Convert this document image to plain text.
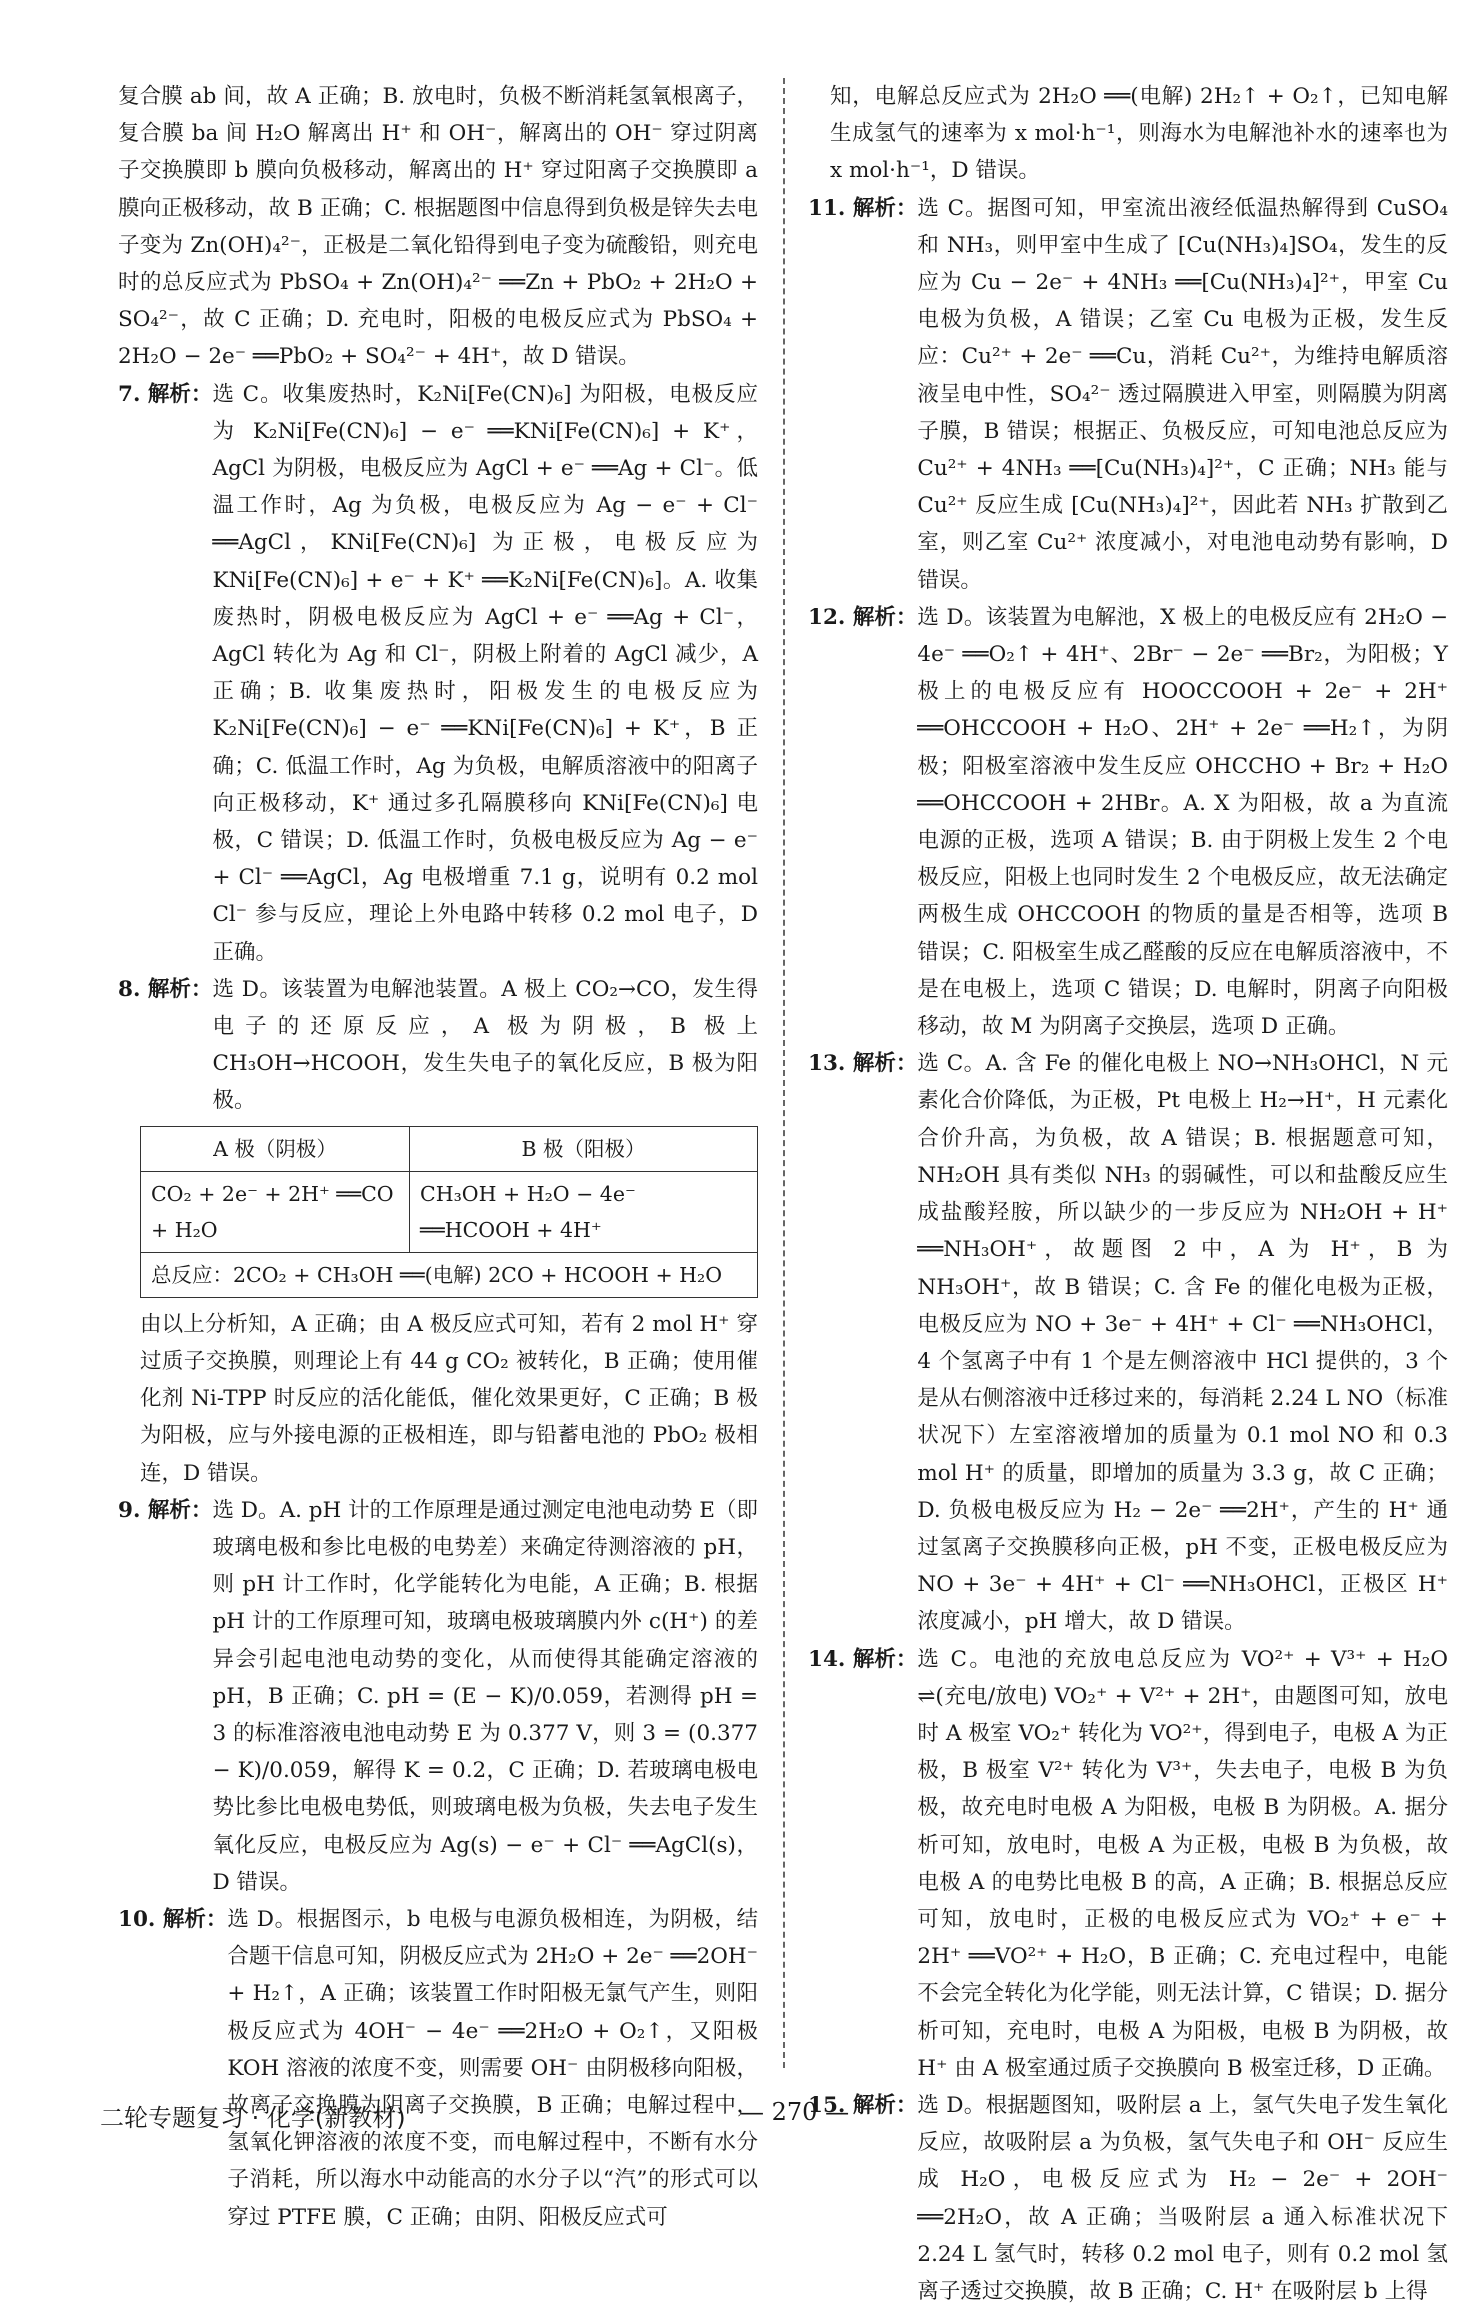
复合膜 ab 间，故 A 正确；B. 放电时，负极不断消耗氢氧根离子，复合膜 ba 间 H₂O 解离出 H⁺ 和 OH⁻，解离出的 OH⁻ 穿过阴离子交换膜即 b 膜向负极移动，解离出的 H⁺ 穿过阳离子交换膜即 a 膜向正极移动，故 B 正确；C. 根据题图中信息得到负极是锌失去电子变为 Zn(OH)₄²⁻，正极是二氧化铅得到电子变为硫酸铅，则充电时的总反应式为 PbSO₄ + Zn(OH)₄²⁻ ══Zn + PbO₂ + 2H₂O + SO₄²⁻，故 C 正确；D. 充电时，阳极的电极反应式为 PbSO₄ + 2H₂O − 2e⁻ ══PbO₂ + SO₄²⁻ + 4H⁺，故 D 错误。

7. 解析： 选 C。收集废热时，K₂Ni[Fe(CN)₆] 为阳极，电极反应为 K₂Ni[Fe(CN)₆] − e⁻ ══KNi[Fe(CN)₆] + K⁺，AgCl 为阴极，电极反应为 AgCl + e⁻ ══Ag + Cl⁻。低温工作时，Ag 为负极，电极反应为 Ag − e⁻ + Cl⁻ ══AgCl，KNi[Fe(CN)₆] 为正极，电极反应为 KNi[Fe(CN)₆] + e⁻ + K⁺ ══K₂Ni[Fe(CN)₆]。A. 收集废热时，阴极电极反应为 AgCl + e⁻ ══Ag + Cl⁻，AgCl 转化为 Ag 和 Cl⁻，阴极上附着的 AgCl 减少，A 正确；B. 收集废热时，阳极发生的电极反应为 K₂Ni[Fe(CN)₆] − e⁻ ══KNi[Fe(CN)₆] + K⁺，B 正确；C. 低温工作时，Ag 为负极，电解质溶液中的阳离子向正极移动，K⁺ 通过多孔隔膜移向 KNi[Fe(CN)₆] 电极，C 错误；D. 低温工作时，负极电极反应为 Ag − e⁻ + Cl⁻ ══AgCl，Ag 电极增重 7.1 g，说明有 0.2 mol Cl⁻ 参与反应，理论上外电路中转移 0.2 mol 电子，D 正确。
8. 解析： 选 D。该装置为电解池装置。A 极上 CO₂→CO，发生得电子的还原反应，A 极为阴极，B 极上 CH₃OH→HCOOH，发生失电子的氧化反应，B 极为阳极。
A 极（阴极）	B 极（阳极）
CO₂ + 2e⁻ + 2H⁺ ══CO + H₂O	CH₃OH + H₂O − 4e⁻ ══HCOOH + 4H⁺
总反应：2CO₂ + CH₃OH ══(电解) 2CO + HCOOH + H₂O	

由以上分析知，A 正确；由 A 极反应式可知，若有 2 mol H⁺ 穿过质子交换膜，则理论上有 44 g CO₂ 被转化，B 正确；使用催化剂 Ni-TPP 时反应的活化能低，催化效果更好，C 正确；B 极为阳极，应与外接电源的正极相连，即与铅蓄电池的 PbO₂ 极相连，D 错误。

9. 解析： 选 D。A. pH 计的工作原理是通过测定电池电动势 E（即玻璃电极和参比电极的电势差）来确定待测溶液的 pH，则 pH 计工作时，化学能转化为电能，A 正确；B. 根据 pH 计的工作原理可知，玻璃电极玻璃膜内外 c(H⁺) 的差异会引起电池电动势的变化，从而使得其能确定溶液的 pH，B 正确；C. pH = (E − K)/0.059，若测得 pH = 3 的标准溶液电池电动势 E 为 0.377 V，则 3 = (0.377 − K)/0.059，解得 K = 0.2，C 正确；D. 若玻璃电极电势比参比电极电势低，则玻璃电极为负极，失去电子发生氧化反应，电极反应为 Ag(s) − e⁻ + Cl⁻ ══AgCl(s)，D 错误。
10. 解析： 选 D。根据图示，b 电极与电源负极相连，为阴极，结合题干信息可知，阴极反应式为 2H₂O + 2e⁻ ══2OH⁻ + H₂↑，A 正确；该装置工作时阳极无氯气产生，则阳极反应式为 4OH⁻ − 4e⁻ ══2H₂O + O₂↑，又阳极 KOH 溶液的浓度不变，则需要 OH⁻ 由阴极移向阳极，故离子交换膜为阴离子交换膜，B 正确；电解过程中，氢氧化钾溶液的浓度不变，而电解过程中，不断有水分子消耗，所以海水中动能高的水分子以“汽”的形式可以穿过 PTFE 膜，C 正确；由阴、阳极反应式可

知，电解总反应式为 2H₂O ══(电解) 2H₂↑ + O₂↑，已知电解生成氢气的速率为 x mol·h⁻¹，则海水为电解池补水的速率也为 x mol·h⁻¹，D 错误。

11. 解析： 选 C。据图可知，甲室流出液经低温热解得到 CuSO₄ 和 NH₃，则甲室中生成了 [Cu(NH₃)₄]SO₄，发生的反应为 Cu − 2e⁻ + 4NH₃ ══[Cu(NH₃)₄]²⁺，甲室 Cu 电极为负极，A 错误；乙室 Cu 电极为正极，发生反应：Cu²⁺ + 2e⁻ ══Cu，消耗 Cu²⁺，为维持电解质溶液呈电中性，SO₄²⁻ 透过隔膜进入甲室，则隔膜为阴离子膜，B 错误；根据正、负极反应，可知电池总反应为 Cu²⁺ + 4NH₃ ══[Cu(NH₃)₄]²⁺，C 正确；NH₃ 能与 Cu²⁺ 反应生成 [Cu(NH₃)₄]²⁺，因此若 NH₃ 扩散到乙室，则乙室 Cu²⁺ 浓度减小，对电池电动势有影响，D 错误。
12. 解析： 选 D。该装置为电解池，X 极上的电极反应有 2H₂O − 4e⁻ ══O₂↑ + 4H⁺、2Br⁻ − 2e⁻ ══Br₂，为阳极；Y 极上的电极反应有 HOOCCOOH + 2e⁻ + 2H⁺ ══OHCCOOH + H₂O、2H⁺ + 2e⁻ ══H₂↑，为阴极；阳极室溶液中发生反应 OHCCHO + Br₂ + H₂O ══OHCCOOH + 2HBr。A. X 为阳极，故 a 为直流电源的正极，选项 A 错误；B. 由于阴极上发生 2 个电极反应，阳极上也同时发生 2 个电极反应，故无法确定两极生成 OHCCOOH 的物质的量是否相等，选项 B 错误；C. 阳极室生成乙醛酸的反应在电解质溶液中，不是在电极上，选项 C 错误；D. 电解时，阴离子向阳极移动，故 M 为阴离子交换层，选项 D 正确。
13. 解析： 选 C。A. 含 Fe 的催化电极上 NO→NH₃OHCl，N 元素化合价降低，为正极，Pt 电极上 H₂→H⁺，H 元素化合价升高，为负极，故 A 错误；B. 根据题意可知，NH₂OH 具有类似 NH₃ 的弱碱性，可以和盐酸反应生成盐酸羟胺，所以缺少的一步反应为 NH₂OH + H⁺ ══NH₃OH⁺，故题图 2 中，A 为 H⁺，B 为 NH₃OH⁺，故 B 错误；C. 含 Fe 的催化电极为正极，电极反应为 NO + 3e⁻ + 4H⁺ + Cl⁻ ══NH₃OHCl，4 个氢离子中有 1 个是左侧溶液中 HCl 提供的，3 个是从右侧溶液中迁移过来的，每消耗 2.24 L NO（标准状况下）左室溶液增加的质量为 0.1 mol NO 和 0.3 mol H⁺ 的质量，即增加的质量为 3.3 g，故 C 正确；D. 负极电极反应为 H₂ − 2e⁻ ══2H⁺，产生的 H⁺ 通过氢离子交换膜移向正极，pH 不变，正极电极反应为 NO + 3e⁻ + 4H⁺ + Cl⁻ ══NH₃OHCl，正极区 H⁺ 浓度减小，pH 增大，故 D 错误。
14. 解析： 选 C。电池的充放电总反应为 VO²⁺ + V³⁺ + H₂O ⇌(充电/放电) VO₂⁺ + V²⁺ + 2H⁺，由题图可知，放电时 A 极室 VO₂⁺ 转化为 VO²⁺，得到电子，电极 A 为正极，B 极室 V²⁺ 转化为 V³⁺，失去电子，电极 B 为负极，故充电时电极 A 为阳极，电极 B 为阴极。A. 据分析可知，放电时，电极 A 为正极，电极 B 为负极，故电极 A 的电势比电极 B 的高，A 正确；B. 根据总反应可知，放电时，正极的电极反应式为 VO₂⁺ + e⁻ + 2H⁺ ══VO²⁺ + H₂O，B 正确；C. 充电过程中，电能不会完全转化为化学能，则无法计算，C 错误；D. 据分析可知，充电时，电极 A 为阳极，电极 B 为阴极，故 H⁺ 由 A 极室通过质子交换膜向 B 极室迁移，D 正确。
15. 解析： 选 D。根据题图知，吸附层 a 上，氢气失电子发生氧化反应，故吸附层 a 为负极，氢气失电子和 OH⁻ 反应生成 H₂O，电极反应式为 H₂ − 2e⁻ + 2OH⁻ ══2H₂O，故 A 正确；当吸附层 a 通入标准状况下 2.24 L 氢气时，转移 0.2 mol 电子，则有 0.2 mol 氢离子透过交换膜，故 B 正确；C. H⁺ 在吸附层 b 上得
二轮专题复习 · 化学(新教材)	— 270 —
